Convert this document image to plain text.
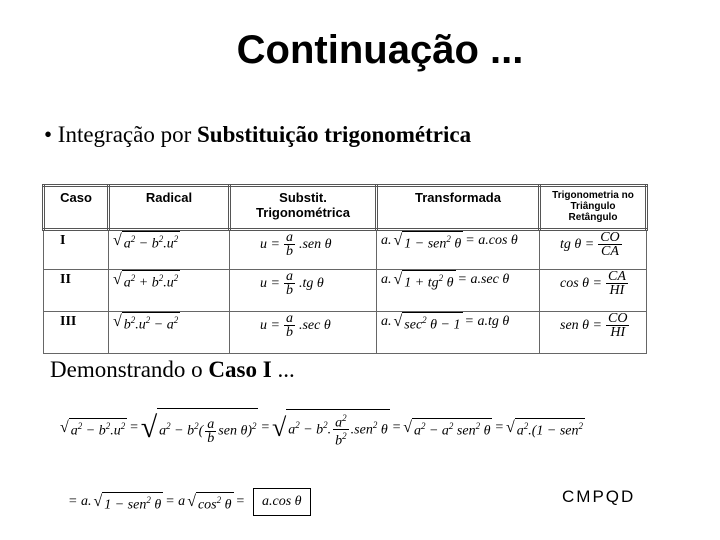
Continuação ...
• Integração por Substituição trigonométrica
Caso	Radical	Substit. Trigonométrica	Transformada	Trigonometria no Triângulo Retângulo
I	√ $a^2 - b^2.u^2$	$u = \frac{a}{b} .sen$ θ	a. √ 1 − sen$^2$ θ = a.cos θ	tg $\theta = \frac{CO}{CA}$

II	√ $a^2 + b^2.u^2$	$u = \frac{a}{b} .tg$ θ	a. √ $1 + tg^2$ θ = a.sec θ	$\cos \theta = \frac{CA}{HI}$

III	√ $b^2.u^2 - a^2$	$u = \frac{a}{b} .\sec$ θ	a. √ $\sec^2 \theta - 1 = a.tg$ θ	sen $\theta = \frac{CO}{HI}$
Demonstrando o Caso I ...
√ $a^2 - b^2.u^2$ = √ $a^2 - b^2( \frac{a}{b}$ sen θ)$^2$ = √ $a^2 - b^2$. $\frac{a^2}{b^2} .sen^2$ θ = √ $a^2 - a^2$ sen$^2$ θ = √ $a^2.(1 - sen^2$
= a. √ 1 − sen$^2$ θ = a √ $\cos^2 \theta$ =	a.cos θ	CMPQD
